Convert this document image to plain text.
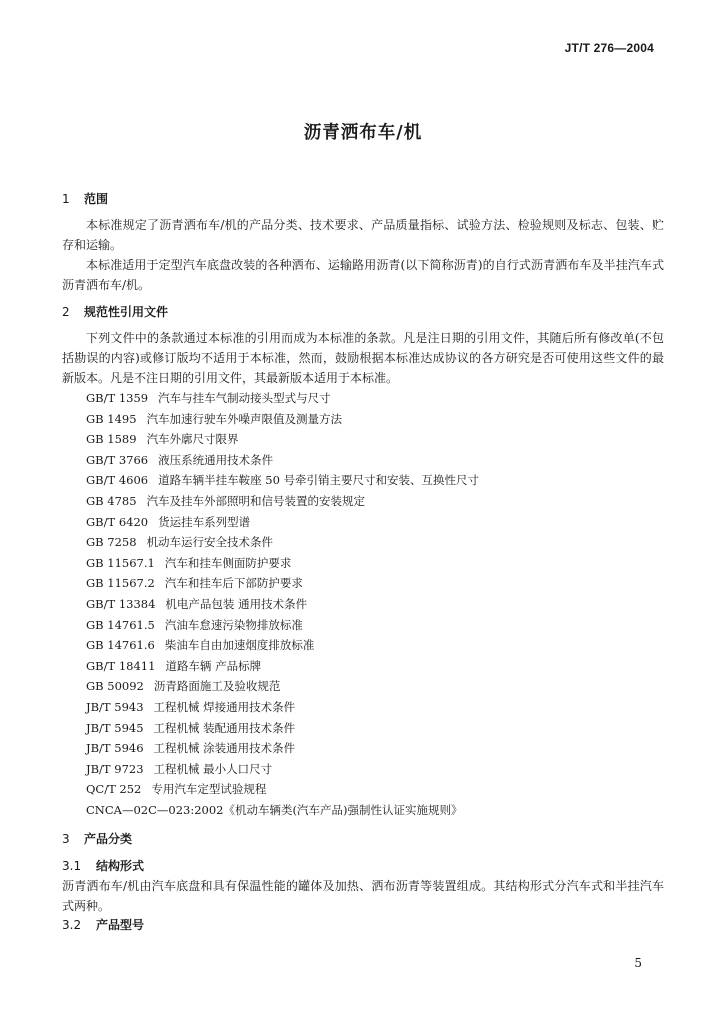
JT/T 276—2004
沥青洒布车/机
1 范围

本标准规定了沥青洒布车/机的产品分类、技术要求、产品质量指标、试验方法、检验规则及标志、包装、贮存和运输。

本标准适用于定型汽车底盘改装的各种洒布、运输路用沥青(以下简称沥青)的自行式沥青洒布车及半挂汽车式沥青洒布车/机。

2 规范性引用文件

下列文件中的条款通过本标准的引用而成为本标准的条款。凡是注日期的引用文件，其随后所有修改单(不包括勘误的内容)或修订版均不适用于本标准，然而，鼓励根据本标准达成协议的各方研究是否可使用这些文件的最新版本。凡是不注日期的引用文件，其最新版本适用于本标准。

GB/T 1359 汽车与挂车气制动接头型式与尺寸
GB 1495 汽车加速行驶车外噪声限值及测量方法
GB 1589 汽车外廓尺寸限界
GB/T 3766 液压系统通用技术条件
GB/T 4606 道路车辆半挂车鞍座 50 号牵引销主要尺寸和安装、互换性尺寸
GB 4785 汽车及挂车外部照明和信号装置的安装规定
GB/T 6420 货运挂车系列型谱
GB 7258 机动车运行安全技术条件
GB 11567.1 汽车和挂车侧面防护要求
GB 11567.2 汽车和挂车后下部防护要求
GB/T 13384 机电产品包装 通用技术条件
GB 14761.5 汽油车怠速污染物排放标准
GB 14761.6 柴油车自由加速烟度排放标准
GB/T 18411 道路车辆 产品标牌
GB 50092 沥青路面施工及验收规范
JB/T 5943 工程机械 焊接通用技术条件
JB/T 5945 工程机械 装配通用技术条件
JB/T 5946 工程机械 涂装通用技术条件
JB/T 9723 工程机械 最小人口尺寸
QC/T 252 专用汽车定型试验规程
CNCA—02C—023:2002《机动车辆类(汽车产品)强制性认证实施规则》
3 产品分类
3.1 结构形式

沥青洒布车/机由汽车底盘和具有保温性能的罐体及加热、洒布沥青等装置组成。其结构形式分汽车式和半挂汽车式两种。

3.2 产品型号
5
